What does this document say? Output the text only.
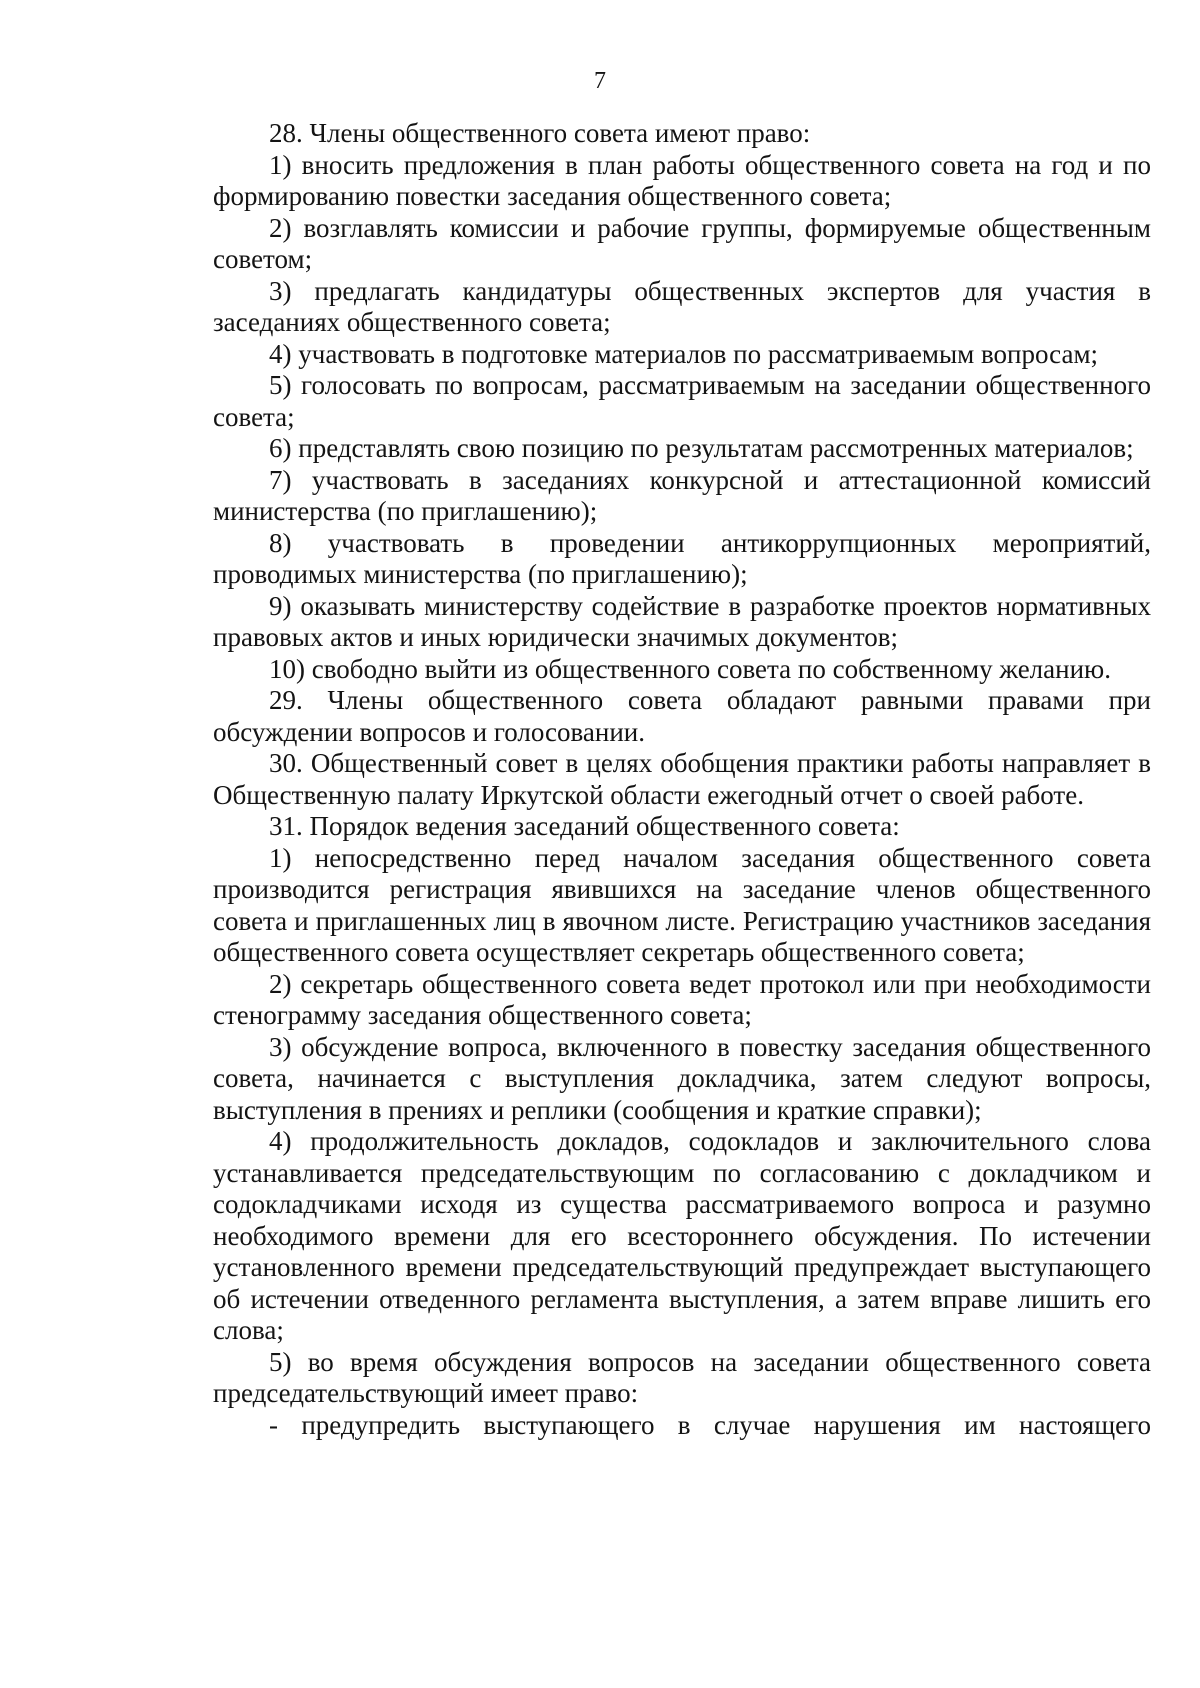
7

28. Члены общественного совета имеют право:

1) вносить предложения в план работы общественного совета на год и по формированию повестки заседания общественного совета;

2) возглавлять комиссии и рабочие группы, формируемые общественным советом;

3) предлагать кандидатуры общественных экспертов для участия в заседаниях общественного совета;

4) участвовать в подготовке материалов по рассматриваемым вопросам;

5) голосовать по вопросам, рассматриваемым на заседании общественного совета;

6) представлять свою позицию по результатам рассмотренных материалов;

7) участвовать в заседаниях конкурсной и аттестационной комиссий министерства (по приглашению);

8) участвовать в проведении антикоррупционных мероприятий, проводимых министерства (по приглашению);

9) оказывать министерству содействие в разработке проектов нормативных правовых актов и иных юридически значимых документов;

10) свободно выйти из общественного совета по собственному желанию.

29. Члены общественного совета обладают равными правами при обсуждении вопросов и голосовании.

30. Общественный совет в целях обобщения практики работы направляет в Общественную палату Иркутской области ежегодный отчет о своей работе.

31. Порядок ведения заседаний общественного совета:

1) непосредственно перед началом заседания общественного совета производится регистрация явившихся на заседание членов общественного совета и приглашенных лиц в явочном листе. Регистрацию участников заседания общественного совета осуществляет секретарь общественного совета;

2) секретарь общественного совета ведет протокол или при необходимости стенограмму заседания общественного совета;

3) обсуждение вопроса, включенного в повестку заседания общественного совета, начинается с выступления докладчика, затем следуют вопросы, выступления в прениях и реплики (сообщения и краткие справки);

4) продолжительность докладов, содокладов и заключительного слова устанавливается председательствующим по согласованию с докладчиком и содокладчиками исходя из существа рассматриваемого вопроса и разумно необходимого времени для его всестороннего обсуждения. По истечении установленного времени председательствующий предупреждает выступающего об истечении отведенного регламента выступления, а затем вправе лишить его слова;

5) во время обсуждения вопросов на заседании общественного совета председательствующий имеет право:

- предупредить выступающего в случае нарушения им настоящего
